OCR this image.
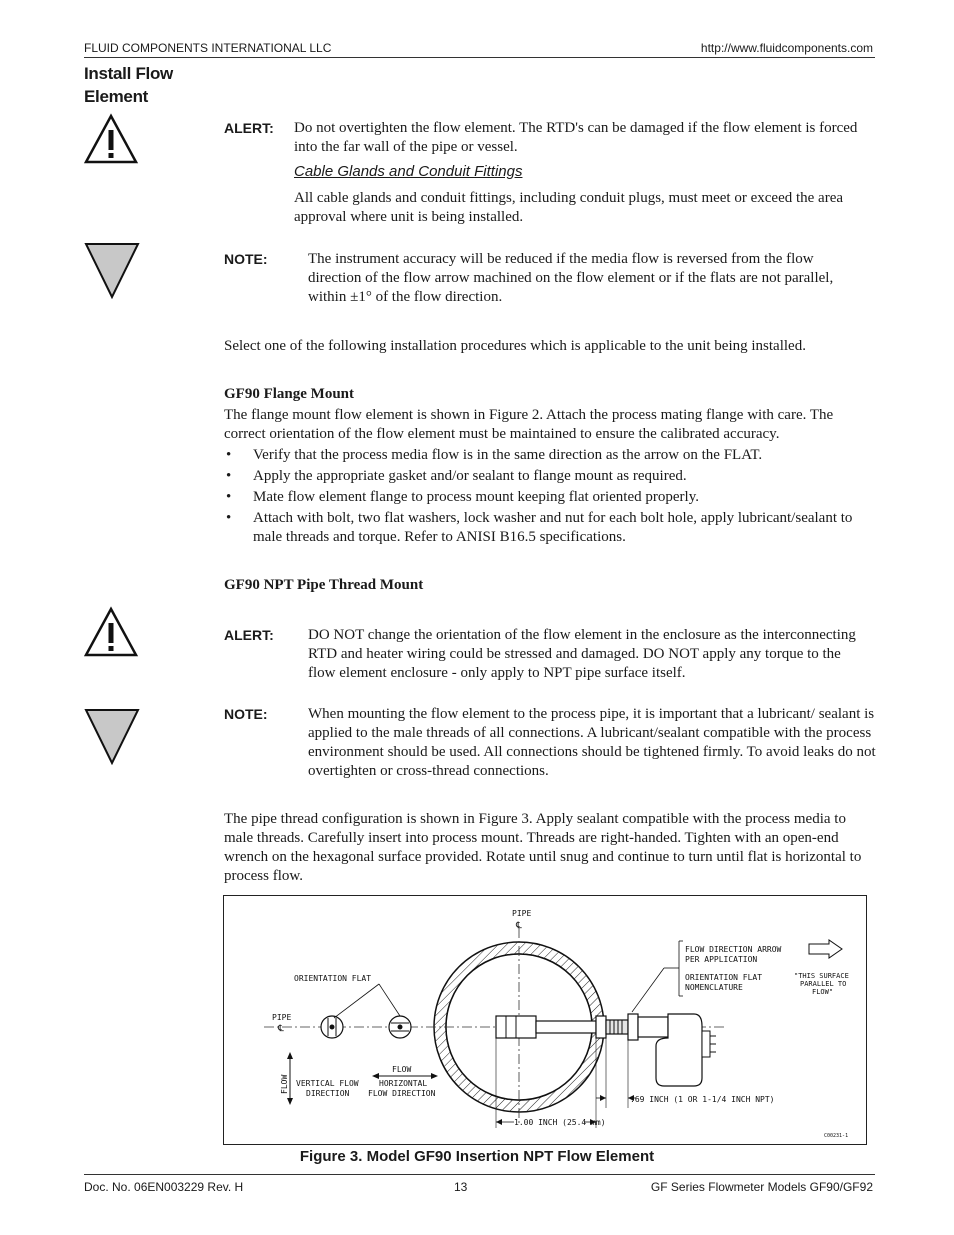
FLUID COMPONENTS INTERNATIONAL LLC	http://www.fluidcomponents.com
Install Flow Element
ALERT: Do not overtighten the flow element. The RTD's can be damaged if the flow element is forced into the far wall of the pipe or vessel.
Cable Glands and Conduit Fittings
All cable glands and conduit fittings, including conduit plugs, must meet or exceed the area approval where unit is being installed.
NOTE:	The instrument accuracy will be reduced if the media flow is reversed from the flow direction of the flow arrow machined on the flow element or if the flats are not parallel, within ±1° of the flow direction.
Select one of the following installation procedures which is applicable to the unit being installed.
GF90 Flange Mount
The flange mount flow element is shown in Figure 2. Attach the process mating flange with care. The correct orientation of the flow element must be maintained to ensure the calibrated accuracy.
• Verify that the process media flow is in the same direction as the arrow on the FLAT.
• Apply the appropriate gasket and/or sealant to flange mount as required.
• Mate flow element flange to process mount keeping flat oriented properly.
• Attach with bolt, two flat washers, lock washer and nut for each bolt hole, apply lubricant/sealant to male threads and torque. Refer to ANISI B16.5 specifications.
GF90 NPT Pipe Thread Mount
ALERT: DO NOT change the orientation of the flow element in the enclosure as the interconnecting RTD and heater wiring could be stressed and damaged. DO NOT apply any torque to the flow element enclosure - only apply to NPT pipe surface itself.
NOTE:	When mounting the flow element to the process pipe, it is important that a lubricant/ sealant is applied to the male threads of all connections. A lubricant/sealant compatible with the process environment should be used. All connections should be tightened firmly. To avoid leaks do not overtighten or cross-thread connections.
The pipe thread configuration is shown in Figure 3. Apply sealant compatible with the process media to male threads. Carefully insert into process mount. Threads are right-handed. Tighten with an open-end wrench on the hexagonal surface provided. Rotate until snug and continue to turn until flat is horizontal to process flow.
PIPE
℄
ORIENTATION FLAT
PIPE
℄
FLOW VERTICAL FLOW
DIRECTION
FLOW
HORIZONTAL
FLOW DIRECTION
FLOW DIRECTION ARROW
PER APPLICATION
ORIENTATION FLAT
NOMENCLATURE
"THIS SURFACE
PARALLEL TO
FLOW"
.69 INCH (1 OR 1-1/4 INCH NPT)
1.00 INCH (25.4 mm)
C00231-1
Figure 3. Model GF90 Insertion NPT Flow Element
Doc. No. 06EN003229 Rev. H	13	GF Series Flowmeter Models GF90/GF92
